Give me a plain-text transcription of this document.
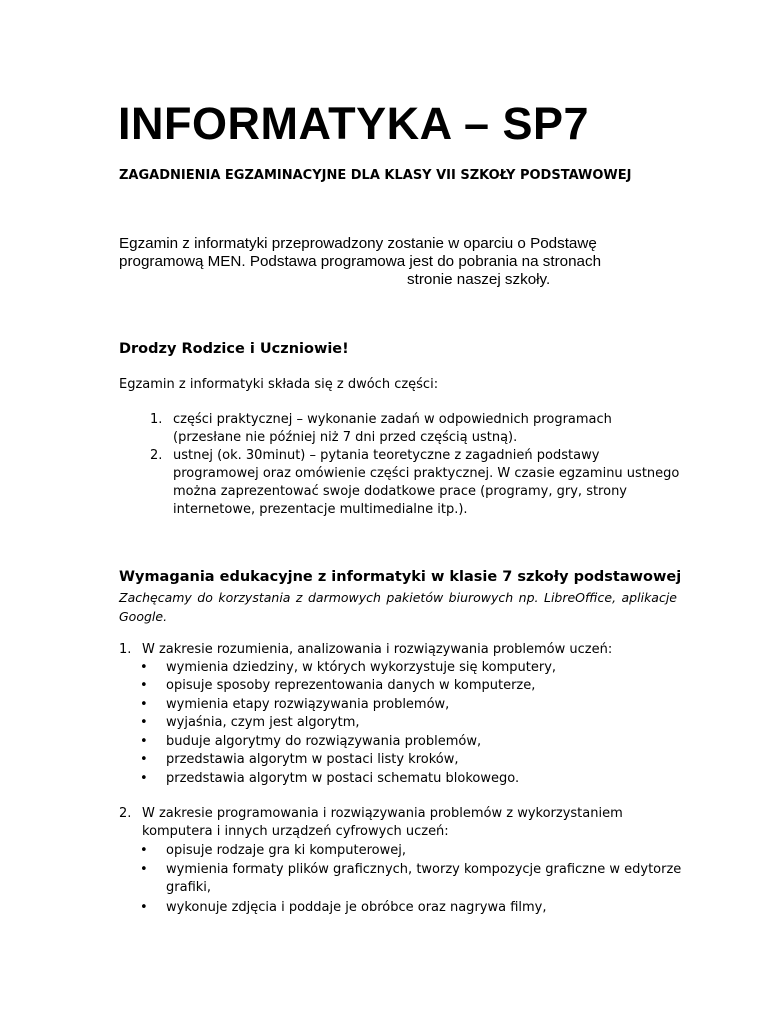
INFORMATYKA – SP7
ZAGADNIENIA EGZAMINACYJNE DLA KLASY VII SZKOŁY PODSTAWOWEJ
Egzamin z informatyki przeprowadzony zostanie w oparciu o Podstawę
programową MEN. Podstawa programowa jest do pobrania na stronach
stronie naszej szkoły.
Drodzy Rodzice i Uczniowie!
Egzamin z informatyki składa się z dwóch części:
1. części praktycznej – wykonanie zadań w odpowiednich programach
(przesłane nie później niż 7 dni przed częścią ustną).
2. ustnej (ok. 30minut) – pytania teoretyczne z zagadnień podstawy
programowej oraz omówienie części praktycznej. W czasie egzaminu ustnego
można zaprezentować swoje dodatkowe prace (programy, gry, strony
internetowe, prezentacje multimedialne itp.).
Wymagania edukacyjne z informatyki w klasie 7 szkoły podstawowej
Zachęcamy do korzystania z darmowych pakietów biurowych np. LibreOffice, aplikacje Google.
1. W zakresie rozumienia, analizowania i rozwiązywania problemów uczeń:
• wymienia dziedziny, w których wykorzystuje się komputery,
• opisuje sposoby reprezentowania danych w komputerze,
• wymienia etapy rozwiązywania problemów,
• wyjaśnia, czym jest algorytm,
• buduje algorytmy do rozwiązywania problemów,
• przedstawia algorytm w postaci listy kroków,
• przedstawia algorytm w postaci schematu blokowego.
2. W zakresie programowania i rozwiązywania problemów z wykorzystaniem
komputera i innych urządzeń cyfrowych uczeń:
• opisuje rodzaje gra ki komputerowej,
• wymienia formaty plików graficznych, tworzy kompozycje graficzne w edytorze
grafiki,
• wykonuje zdjęcia i poddaje je obróbce oraz nagrywa filmy,
